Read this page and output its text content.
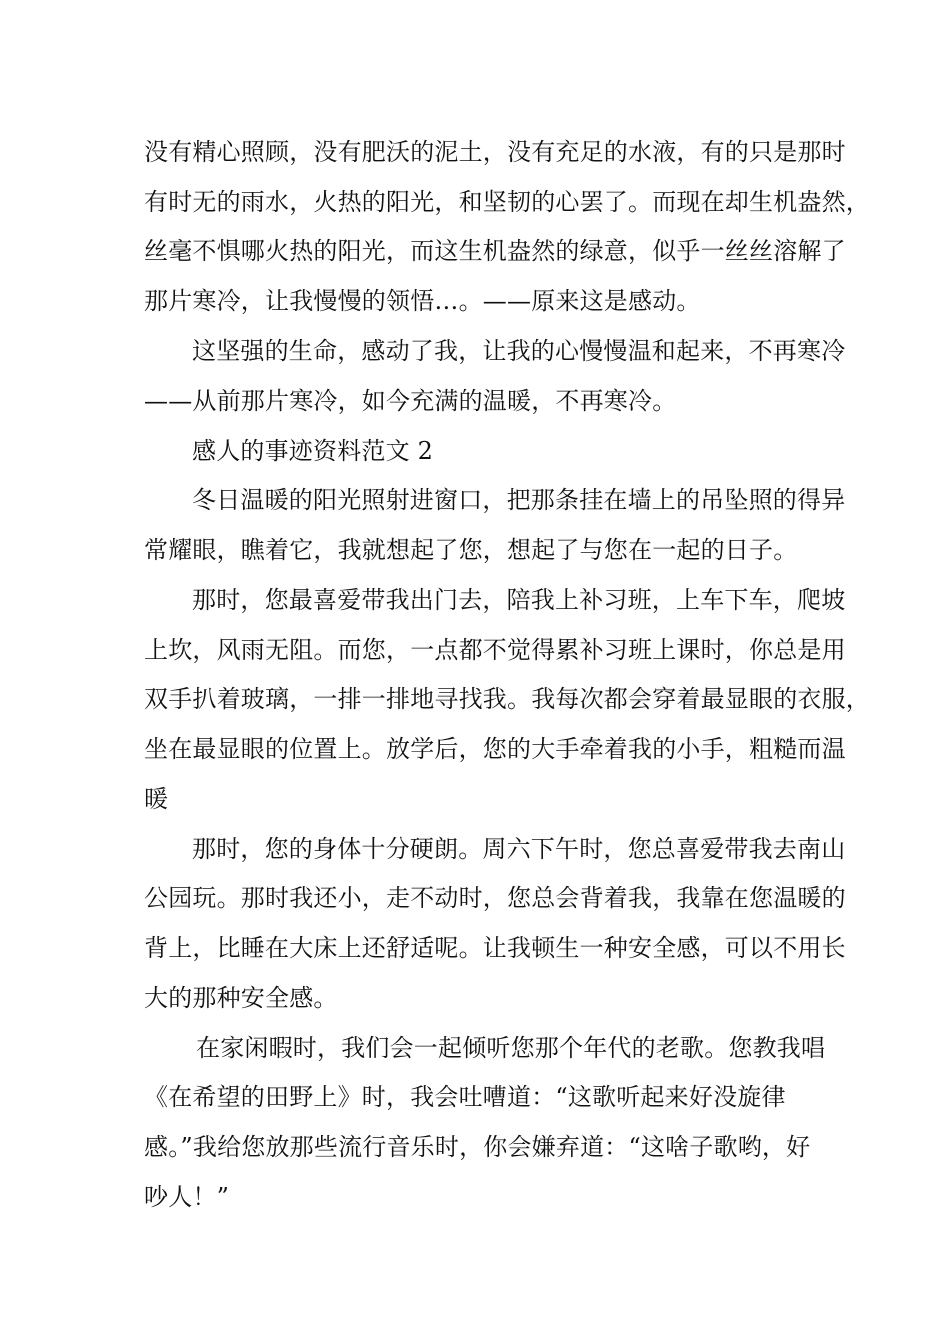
没有精心照顾，没有肥沃的泥土，没有充足的水液，有的只是那时
有时无的雨水，火热的阳光，和坚韧的心罢了。而现在却生机盎然，
丝毫不惧哪火热的阳光，而这生机盎然的绿意，似乎一丝丝溶解了
那片寒冷，让我慢慢的领悟…。——原来这是感动。
这坚强的生命，感动了我，让我的心慢慢温和起来，不再寒冷
——从前那片寒冷，如今充满的温暖，不再寒冷。
感人的事迹资料范文 2
冬日温暖的阳光照射进窗口，把那条挂在墙上的吊坠照的得异
常耀眼，瞧着它，我就想起了您，想起了与您在一起的日子。
那时，您最喜爱带我出门去，陪我上补习班，上车下车，爬坡
上坎，风雨无阻。而您，一点都不觉得累补习班上课时，你总是用
双手扒着玻璃，一排一排地寻找我。我每次都会穿着最显眼的衣服，
坐在最显眼的位置上。放学后，您的大手牵着我的小手，粗糙而温
暖
那时，您的身体十分硬朗。周六下午时，您总喜爱带我去南山
公园玩。那时我还小，走不动时，您总会背着我，我靠在您温暖的
背上，比睡在大床上还舒适呢。让我顿生一种安全感，可以不用长
大的那种安全感。
在家闲暇时，我们会一起倾听您那个年代的老歌。您教我唱
《在希望的田野上》时，我会吐嘈道：“这歌听起来好没旋律
感。”我给您放那些流行音乐时，你会嫌弃道：“这啥子歌哟，好
吵人！”
